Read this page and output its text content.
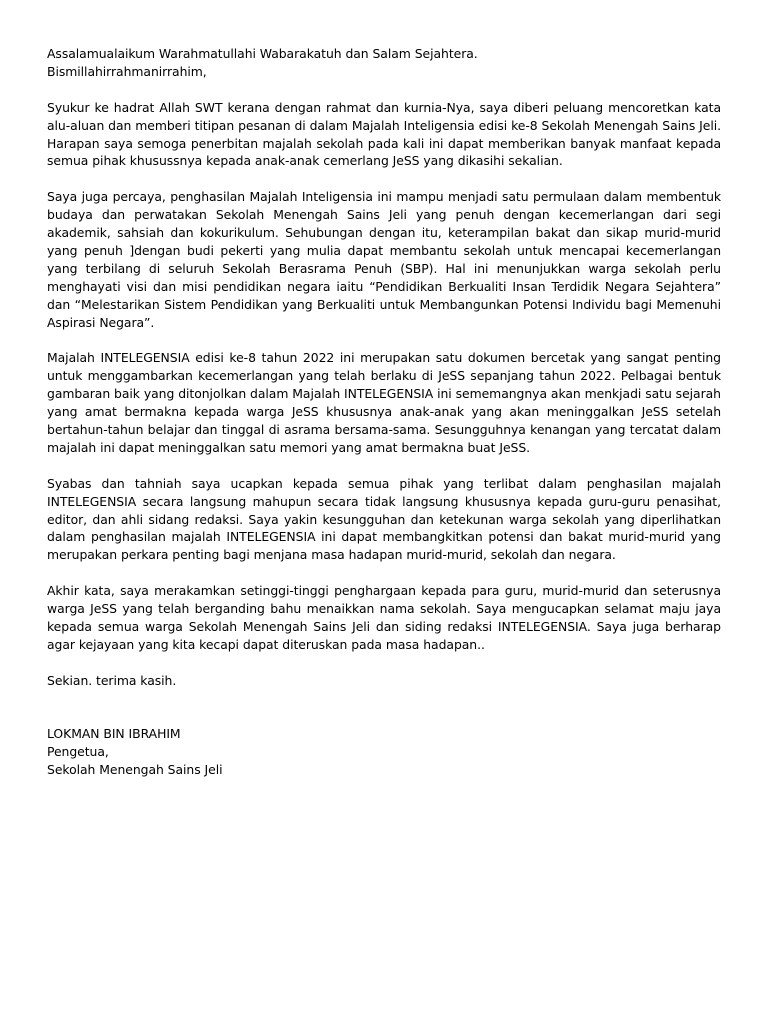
Assalamualaikum Warahmatullahi Wabarakatuh dan Salam Sejahtera.
Bismillahirrahmanirrahim,

Syukur ke hadrat Allah SWT kerana dengan rahmat dan kurnia-Nya, saya diberi peluang mencoretkan kata alu-aluan dan memberi titipan pesanan di dalam Majalah Inteligensia edisi ke-8 Sekolah Menengah Sains Jeli. Harapan saya semoga penerbitan majalah sekolah pada kali ini dapat memberikan banyak manfaat kepada semua pihak khusussnya kepada anak-anak cemerlang JeSS yang dikasihi sekalian.

Saya juga percaya, penghasilan Majalah Inteligensia ini mampu menjadi satu permulaan dalam membentuk budaya dan perwatakan Sekolah Menengah Sains Jeli yang penuh dengan kecemerlangan dari segi akademik, sahsiah dan kokurikulum. Sehubungan dengan itu, keterampilan bakat dan sikap murid-murid yang penuh ]dengan budi pekerti yang mulia dapat membantu sekolah untuk mencapai kecemerlangan yang terbilang di seluruh Sekolah Berasrama Penuh (SBP). Hal ini menunjukkan warga sekolah perlu menghayati visi dan misi pendidikan negara iaitu “Pendidikan Berkualiti Insan Terdidik Negara Sejahtera” dan “Melestarikan Sistem Pendidikan yang Berkualiti untuk Membangunkan Potensi Individu bagi Memenuhi Aspirasi Negara”.

Majalah INTELEGENSIA edisi ke-8 tahun 2022 ini merupakan satu dokumen bercetak yang sangat penting untuk menggambarkan kecemerlangan yang telah berlaku di JeSS sepanjang tahun 2022. Pelbagai bentuk gambaran baik yang ditonjolkan dalam Majalah INTELEGENSIA ini sememangnya akan menkjadi satu sejarah yang amat bermakna kepada warga JeSS khususnya anak-anak yang akan meninggalkan JeSS setelah bertahun-tahun belajar dan tinggal di asrama bersama-sama. Sesungguhnya kenangan yang tercatat dalam majalah ini dapat meninggalkan satu memori yang amat bermakna buat JeSS.

Syabas dan tahniah saya ucapkan kepada semua pihak yang terlibat dalam penghasilan majalah INTELEGENSIA secara langsung mahupun secara tidak langsung khususnya kepada guru-guru penasihat, editor, dan ahli sidang redaksi. Saya yakin kesungguhan dan ketekunan warga sekolah yang diperlihatkan dalam penghasilan majalah INTELEGENSIA ini dapat membangkitkan potensi dan bakat murid-murid yang merupakan perkara penting bagi menjana masa hadapan murid-murid, sekolah dan negara.

Akhir kata, saya merakamkan setinggi-tinggi penghargaan kepada para guru, murid-murid dan seterusnya warga JeSS yang telah berganding bahu menaikkan nama sekolah. Saya mengucapkan selamat maju jaya kepada semua warga Sekolah Menengah Sains Jeli dan siding redaksi INTELEGENSIA. Saya juga berharap agar kejayaan yang kita kecapi dapat diteruskan pada masa hadapan..

Sekian. terima kasih.
LOKMAN BIN IBRAHIM
Pengetua,
Sekolah Menengah Sains Jeli
